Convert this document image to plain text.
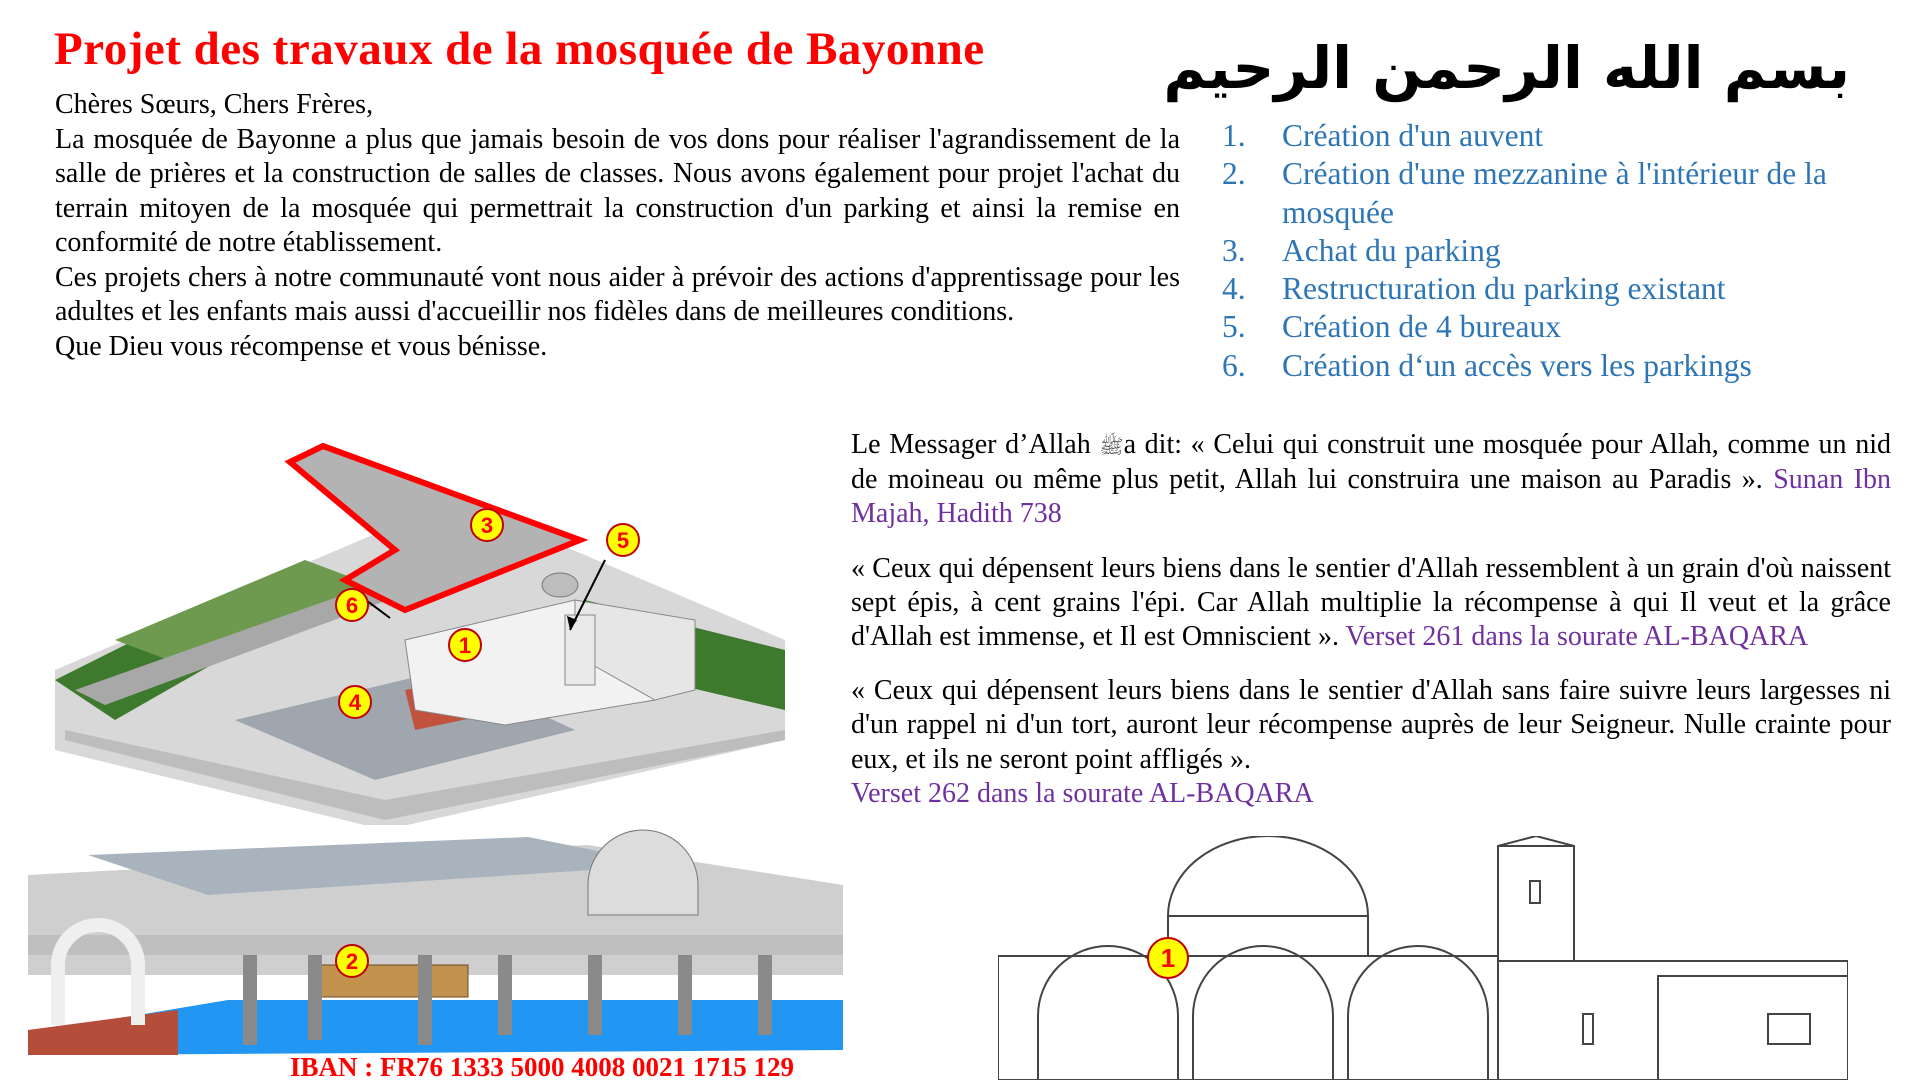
Projet des travaux de la mosquée de Bayonne	بسم الله الرحمن الرحيم

Chères Sœurs, Chers Frères,

La mosquée de Bayonne a plus que jamais besoin de vos dons pour réaliser l'agrandissement de la salle de prières et la construction de salles de classes. Nous avons également pour projet l'achat du terrain mitoyen de la mosquée qui permettrait la construction d'un parking et ainsi la remise en conformité de notre établissement.

Ces projets chers à notre communauté vont nous aider à prévoir des actions d'apprentissage pour les adultes et les enfants mais aussi d'accueillir nos fidèles dans de meilleures conditions.

Que Dieu vous récompense et vous bénisse.

1.	Création d'un auvent
2.	Création d'une mezzanine à l'intérieur de la mosquée
3.	Achat du parking
4.	Restructuration du parking existant
5.	Création de 4 bureaux
6.	Création d‘un accès vers les parkings

Le Messager d’Allah ﷺa dit: « Celui qui construit une mosquée pour Allah, comme un nid de moineau ou même plus petit, Allah lui construira une maison au Paradis ». Sunan Ibn Majah, Hadith 738

« Ceux qui dépensent leurs biens dans le sentier d'Allah ressemblent à un grain d'où naissent sept épis, à cent grains l'épi. Car Allah multiplie la récompense à qui Il veut et la grâce d'Allah est immense, et Il est Omniscient ». Verset 261 dans la sourate AL-BAQARA

« Ceux qui dépensent leurs biens dans le sentier d'Allah sans faire suivre leurs largesses ni d'un rappel ni d'un tort, auront leur récompense auprès de leur Seigneur. Nulle crainte pour eux, et ils ne seront point affligés ».
Verset 262 dans la sourate AL-BAQARA

3
5
6
1
4
2	1
IBAN : FR76 1333 5000 4008 0021 1715 129
